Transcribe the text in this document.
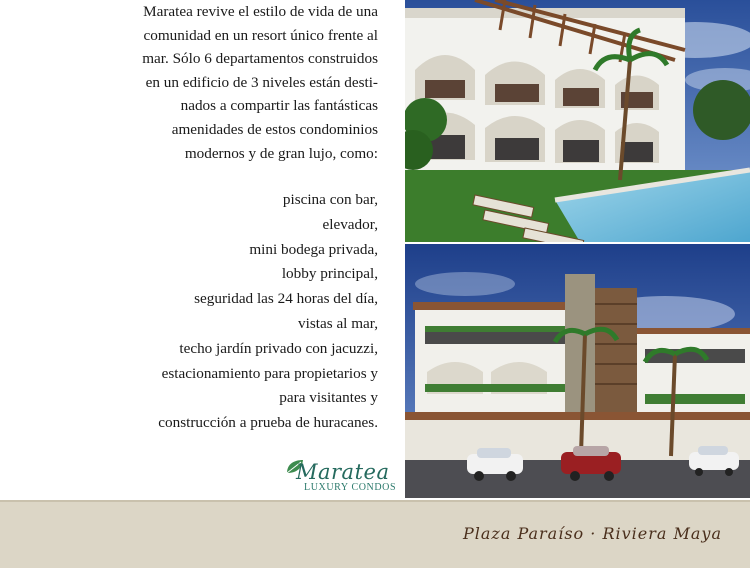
Maratea revive el estilo de vida de una
comunidad en un resort único frente al
mar. Sólo 6 departamentos construidos
en un edificio de 3 niveles están desti-
nados a compartir las fantásticas
amenidades de estos condominios
modernos y de gran lujo, como:
piscina con bar,
elevador,
mini bodega privada,
lobby principal,
seguridad las 24 horas del día,
vistas al mar,
techo jardín privado con jacuzzi,
estacionamiento para propietarios y
para visitantes y
construcción a prueba de huracanes.
Maratea
LUXURY CONDOS
Plaza Paraíso · Riviera Maya
